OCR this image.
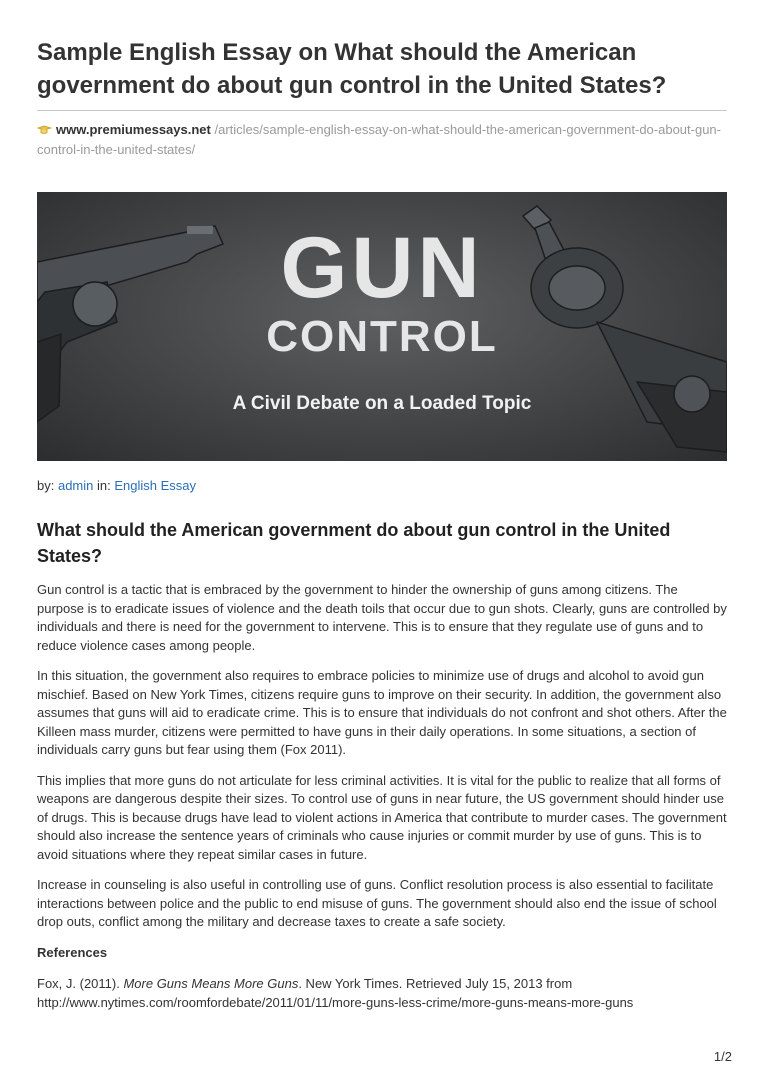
Sample English Essay on What should the American government do about gun control in the United States?
www.premiumessays.net /articles/sample-english-essay-on-what-should-the-american-government-do-about-gun-control-in-the-united-states/
GUN
CONTROL
A Civil Debate on a Loaded Topic
by: admin in: English Essay
What should the American government do about gun control in the United States?

Gun control is a tactic that is embraced by the government to hinder the ownership of guns among citizens. The purpose is to eradicate issues of violence and the death toils that occur due to gun shots. Clearly, guns are controlled by individuals and there is need for the government to intervene. This is to ensure that they regulate use of guns and to reduce violence cases among people.

In this situation, the government also requires to embrace policies to minimize use of drugs and alcohol to avoid gun mischief. Based on New York Times, citizens require guns to improve on their security. In addition, the government also assumes that guns will aid to eradicate crime. This is to ensure that individuals do not confront and shot others. After the Killeen mass murder, citizens were permitted to have guns in their daily operations. In some situations, a section of individuals carry guns but fear using them (Fox 2011).

This implies that more guns do not articulate for less criminal activities. It is vital for the public to realize that all forms of weapons are dangerous despite their sizes. To control use of guns in near future, the US government should hinder use of drugs. This is because drugs have lead to violent actions in America that contribute to murder cases. The government should also increase the sentence years of criminals who cause injuries or commit murder by use of guns. This is to avoid situations where they repeat similar cases in future.

Increase in counseling is also useful in controlling use of guns. Conflict resolution process is also essential to facilitate interactions between police and the public to end misuse of guns. The government should also end the issue of school drop outs, conflict among the military and decrease taxes to create a safe society.

References
Fox, J. (2011). More Guns Means More Guns. New York Times. Retrieved July 15, 2013 from http://www.nytimes.com/roomfordebate/2011/01/11/more-guns-less-crime/more-guns-means-more-guns
1/2
